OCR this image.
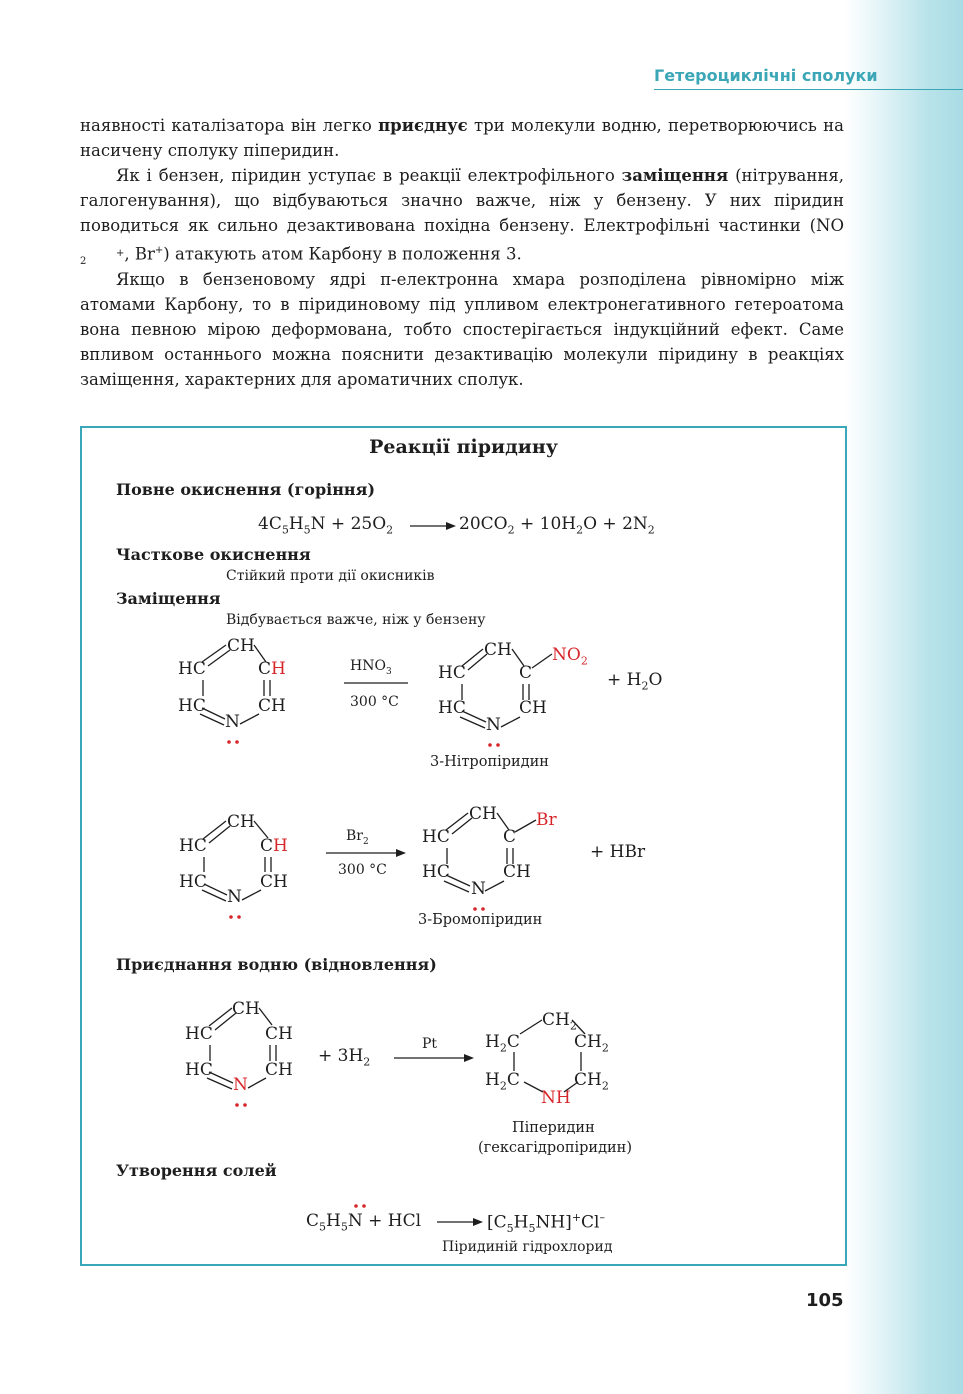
Гетероциклічні сполуки

наявності каталізатора він легко приєднує три молекули водню, перетворюючись на насичену сполуку піперидин.

Як і бензен, піридин уступає в реакції електрофільного заміщення (нітрування, галогенування), що відбуваються значно важче, ніж у бензену. У них піридин поводиться як сильно дезактивована похідна бензену. Електрофільні частинки (NO+
2 , Br+) атакують атом Карбону в положення 3.

Якщо в бензеновому ядрі π-електронна хмара розподілена рівномірно між атомами Карбону, то в піридиновому під упливом електронегативного гетероатома вона певною мірою деформована, тобто спостерігається індукційний ефект. Саме впливом останнього можна пояснити дезактивацію молекули піридину в реакціях заміщення, характерних для ароматичних сполук.

Реакції піридину
Повне окиснення (горіння)
$4C_5H_5N + 25O_2$	$20CO_2 + 10H_2O + 2N_2$
Часткове окиснення
Стійкий проти дії окисників
Заміщення
Відбувається важче, ніж у бензену
CH
HC	CH
HC	CH
N
$HNO_3$
300 °C
CH
HC	C
HC	CH
N
$NO_2$
+ $H_2O$
3-Нітропіридин
CH
HC	CH
HC	CH
N
$Br_2$
300 °C
CH
HC	C
HC	CH
N
Br
+ HBr
3-Бромопіридин
Приєднання водню (відновлення)
CH
HC	CH
HC	CH
N
+ $3H_2$
Pt
$CH_2$
$H_2C$	$CH_2$
$H_2C$	$CH_2$
NH
Піперидин
(гексагідропіридин)
Утворення солей
$C_5H_5N$ + HCl	$[C_5H_5NH]^+Cl^-$
Піридиній гідрохлорид
105
